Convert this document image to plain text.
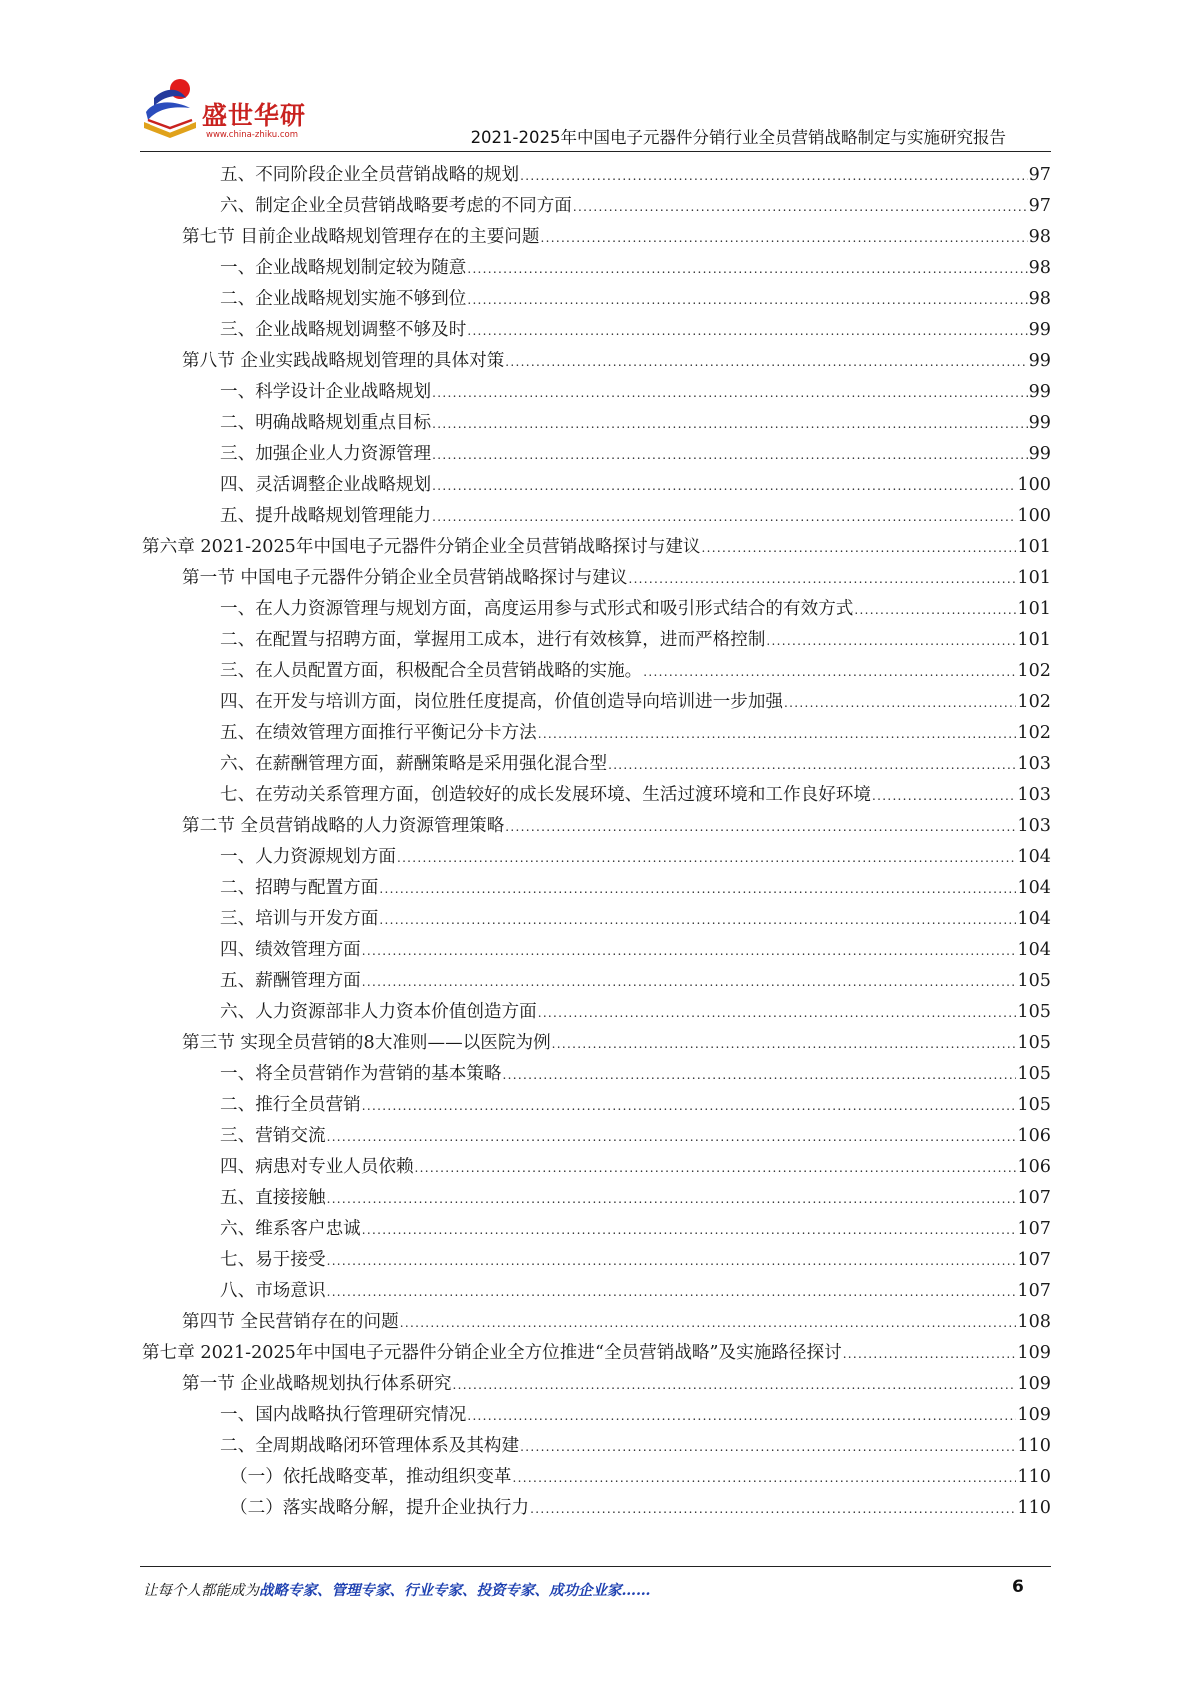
盛世华研
www.china-zhiku.com	2021-2025年中国电子元器件分销行业全员营销战略制定与实施研究报告
五、不同阶段企业全员营销战略的规划 .....	97
六、制定企业全员营销战略要考虑的不同方面 .....	97
第七节 目前企业战略规划管理存在的主要问题 .....	98
一、企业战略规划制定较为随意 .....	98
二、企业战略规划实施不够到位 .....	98
三、企业战略规划调整不够及时 .....	99
第八节 企业实践战略规划管理的具体对策 .....	99
一、科学设计企业战略规划 .....	99
二、明确战略规划重点目标 .....	99
三、加强企业人力资源管理 .....	99
四、灵活调整企业战略规划 .....	100
五、提升战略规划管理能力 .....	100
第六章 2021-2025年中国电子元器件分销企业全员营销战略探讨与建议 .....	101
第一节 中国电子元器件分销企业全员营销战略探讨与建议 .....	101
一、在人力资源管理与规划方面，高度运用参与式形式和吸引形式结合的有效方式 .....	101
二、在配置与招聘方面，掌握用工成本，进行有效核算，进而严格控制 .....	101
三、在人员配置方面，积极配合全员营销战略的实施。 .....	102
四、在开发与培训方面，岗位胜任度提高，价值创造导向培训进一步加强 .....	102
五、在绩效管理方面推行平衡记分卡方法 .....	102
六、在薪酬管理方面，薪酬策略是采用强化混合型 .....	103
七、在劳动关系管理方面，创造较好的成长发展环境、生活过渡环境和工作良好环境 .....	103
第二节 全员营销战略的人力资源管理策略 .....	103
一、人力资源规划方面 .....	104
二、招聘与配置方面 .....	104
三、培训与开发方面 .....	104
四、绩效管理方面 .....	104
五、薪酬管理方面 .....	105
六、人力资源部非人力资本价值创造方面 .....	105
第三节 实现全员营销的8大准则——以医院为例 .....	105
一、将全员营销作为营销的基本策略 .....	105
二、推行全员营销 .....	105
三、营销交流 .....	106
四、病患对专业人员依赖 .....	106
五、直接接触 .....	107
六、维系客户忠诚 .....	107
七、易于接受 .....	107
八、市场意识 .....	107
第四节 全民营销存在的问题 .....	108
第七章 2021-2025年中国电子元器件分销企业全方位推进“全员营销战略”及实施路径探讨 .....	109
第一节 企业战略规划执行体系研究 .....	109
一、国内战略执行管理研究情况 .....	109
二、全周期战略闭环管理体系及其构建 .....	110
（一）依托战略变革，推动组织变革 .....	110
（二）落实战略分解，提升企业执行力 .....	110
让每个人都能成为战略专家、管理专家、行业专家、投资专家、成功企业家……	6
